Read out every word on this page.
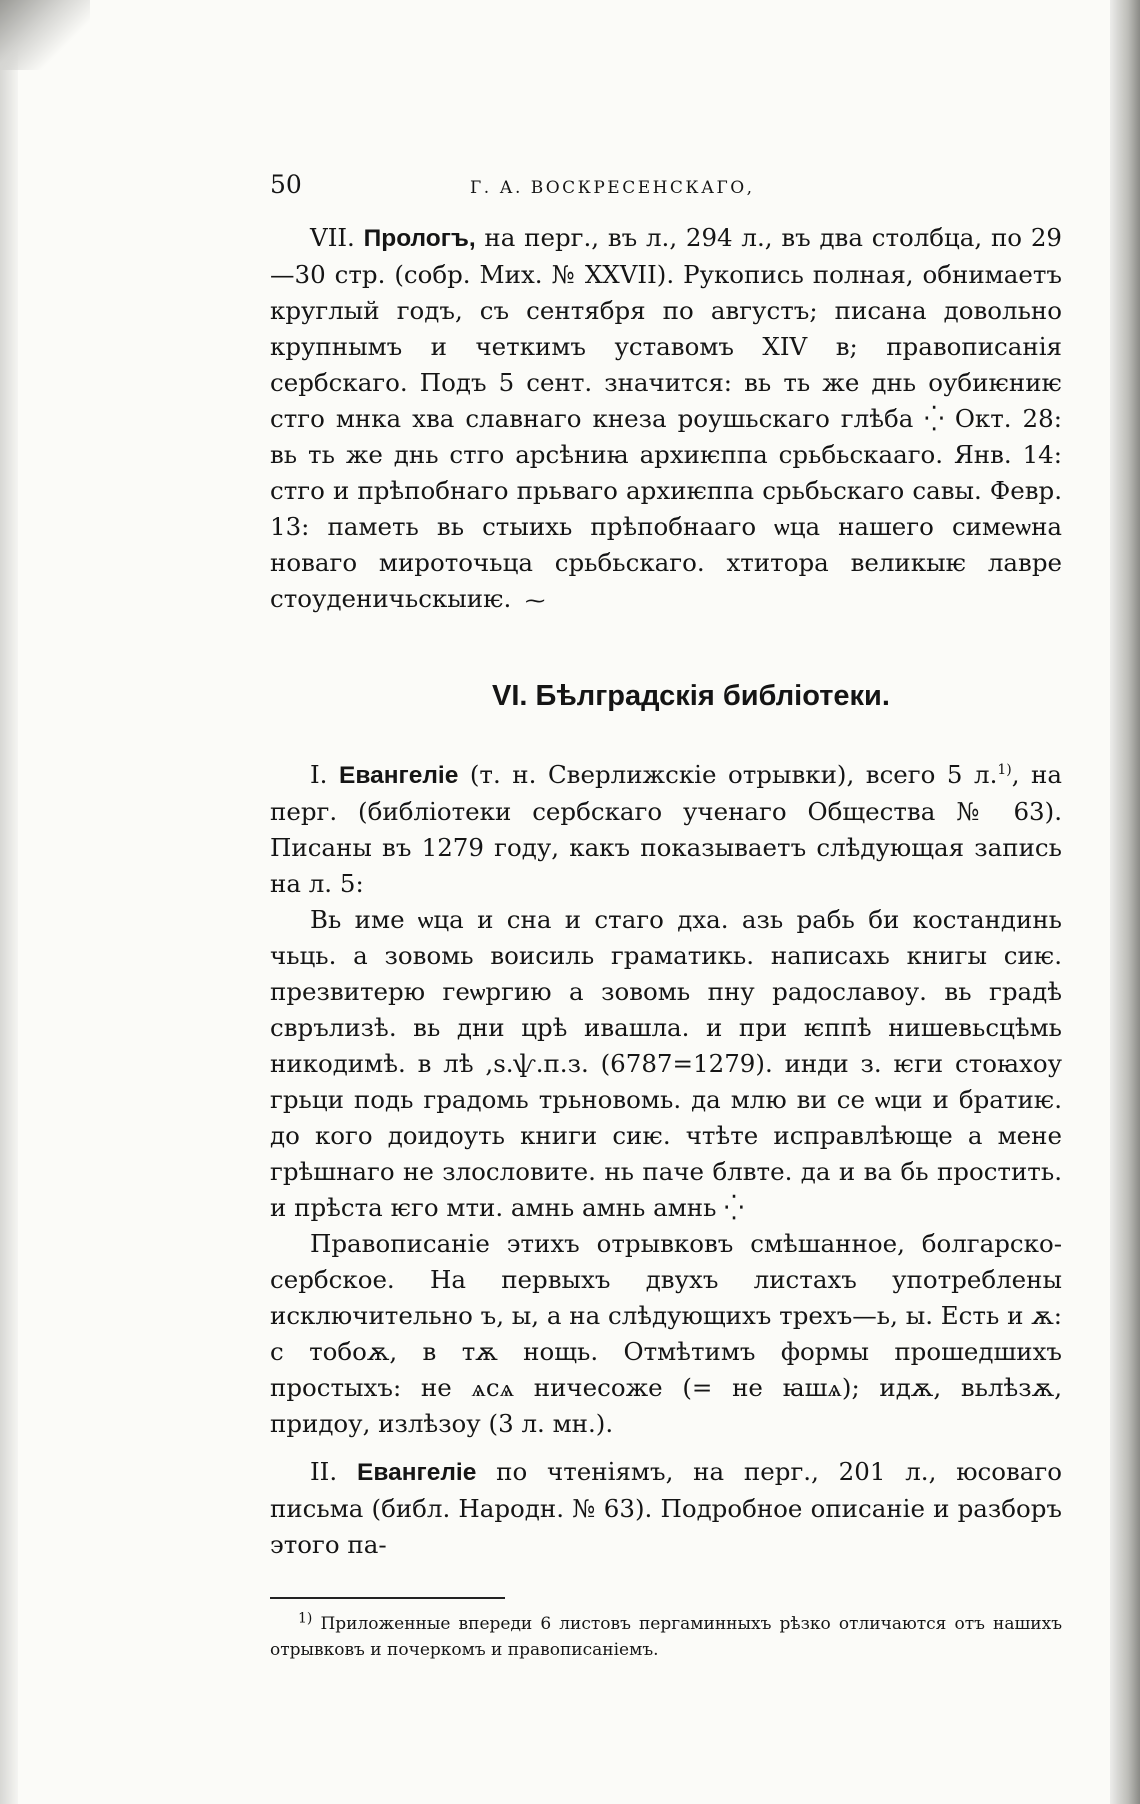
50	Г. А. ВОСКРЕСЕНСКАГО,

VII. Прологъ, на перг., въ л., 294 л., въ два столбца, по 29—30 стр. (собр. Мих. № XXVII). Рукопись полная, обнимаетъ круглый годъ, съ сентября по августъ; писана довольно крупнымъ и четкимъ уставомъ XIV в; правописанія сербскаго. Подъ 5 сент. значится: вь ть же днь оубиѥниѥ стго мнка хва славнаго кнеза роушьскаго глѣба ⁛ Окт. 28: вь ть же днь стго арсѣниꙗ архиѥппа срьбьскааго. Янв. 14: стго и прѣпобнаго прьваго архиѥппа срьбьскаго савы. Февр. 13: паметь вь стыихь прѣпобнааго ѡца нашего симеѡна новаго мироточьца срьбьскаго. хтитора великыѥ лавре стоуденичьскыиѥ. ⁓

VI. Бѣлградскія библіотеки.

I. Евангеліе (т. н. Сверлижскіе отрывки), всего 5 л.$^{1)}$, на перг. (библіотеки сербскаго ученаго Общества № 63). Писаны въ 1279 году, какъ показываетъ слѣдующая запись на л. 5:

Вь име ѡца и сна и стаго дха. азь рабь би костандинь чьць. а зовомь воисиль граматикь. написахь книгы сиѥ. презвитерю геѡргию а зовомь пну радославоу. вь градѣ сврълизѣ. вь дни црѣ ивашла. и при ѥппѣ нишевьсцѣмь никодимѣ. в лѣ ,ѕ.ѱ.п.з. (6787=1279). инди з. ѥги стоꙗхоу грьци подь градомь трьновомь. да млю ви се ѡци и братиѥ. до кого доидоуть книги сиѥ. чтѣте исправлѣюще а мене грѣшнаго не злословите. нь паче блвте. да и ва бь простить. и прѣста ѥго мти. амнь амнь амнь ⁛

Правописаніе этихъ отрывковъ смѣшанное, болгарско-сербское. На первыхъ двухъ листахъ употреблены исключительно ъ, ы, а на слѣдующихъ трехъ—ь, ы. Есть и ѫ: с тобоѫ, в тѫ нощь. Отмѣтимъ формы прошедшихъ простыхъ: не ѧсѧ ничесоже (= не ꙗшѧ); идѫ, вьлѣзѫ, придоу, излѣзоу (3 л. мн.).

II. Евангеліе по чтеніямъ, на перг., 201 л., юсоваго письма (библ. Народн. № 63). Подробное описаніе и разборъ этого па-

$^{1)}$ Приложенные впереди 6 листовъ пергаминныхъ рѣзко отличаются отъ нашихъ отрывковъ и почеркомъ и правописаніемъ.
